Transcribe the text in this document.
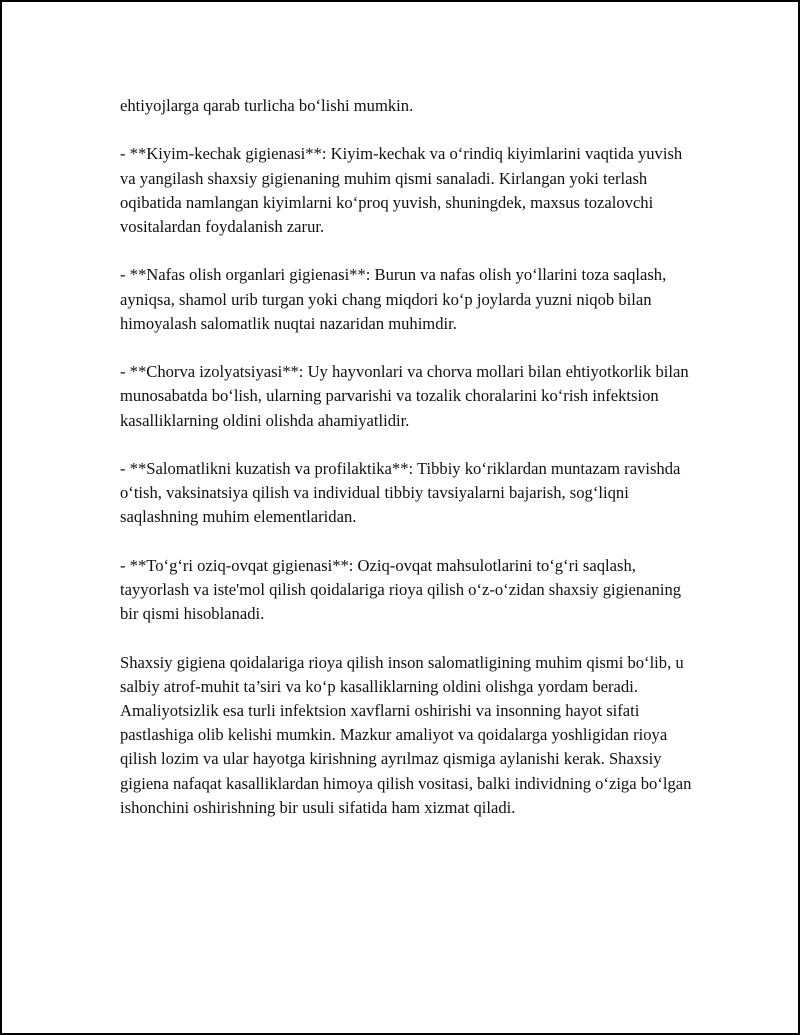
ehtiyojlarga qarab turlicha bo‘lishi mumkin.

- **Kiyim-kechak gigienasi**: Kiyim-kechak va o‘rindiq kiyimlarini vaqtida yuvish va yangilash shaxsiy gigienaning muhim qismi sanaladi. Kirlangan yoki terlash oqibatida namlangan kiyimlarni ko‘proq yuvish, shuningdek, maxsus tozalovchi vositalardan foydalanish zarur.

- **Nafas olish organlari gigienasi**: Burun va nafas olish yo‘llarini toza saqlash, ayniqsa, shamol urib turgan yoki chang miqdori ko‘p joylarda yuzni niqob bilan himoyalash salomatlik nuqtai nazaridan muhimdir.

- **Chorva izolyatsiyasi**: Uy hayvonlari va chorva mollari bilan ehtiyotkorlik bilan munosabatda bo‘lish, ularning parvarishi va tozalik choralarini ko‘rish infektsion kasalliklarning oldini olishda ahamiyatlidir.

- **Salomatlikni kuzatish va profilaktika**: Tibbiy ko‘riklardan muntazam ravishda o‘tish, vaksinatsiya qilish va individual tibbiy tavsiyalarni bajarish, sog‘liqni saqlashning muhim elementlaridan.

- **To‘g‘ri oziq-ovqat gigienasi**: Oziq-ovqat mahsulotlarini to‘g‘ri saqlash, tayyorlash va iste'mol qilish qoidalariga rioya qilish o‘z-o‘zidan shaxsiy gigienaning bir qismi hisoblanadi.

Shaxsiy gigiena qoidalariga rioya qilish inson salomatligining muhim qismi bo‘lib, u salbiy atrof-muhit ta’siri va ko‘p kasalliklarning oldini olishga yordam beradi. Amaliyotsizlik esa turli infektsion xavflarni oshirishi va insonning hayot sifati pastlashiga olib kelishi mumkin. Mazkur amaliyot va qoidalarga yoshligidan rioya qilish lozim va ular hayotga kirishning ayrılmaz qismiga aylanishi kerak. Shaxsiy gigiena nafaqat kasalliklardan himoya qilish vositasi, balki individning o‘ziga bo‘lgan ishonchini oshirishning bir usuli sifatida ham xizmat qiladi.
